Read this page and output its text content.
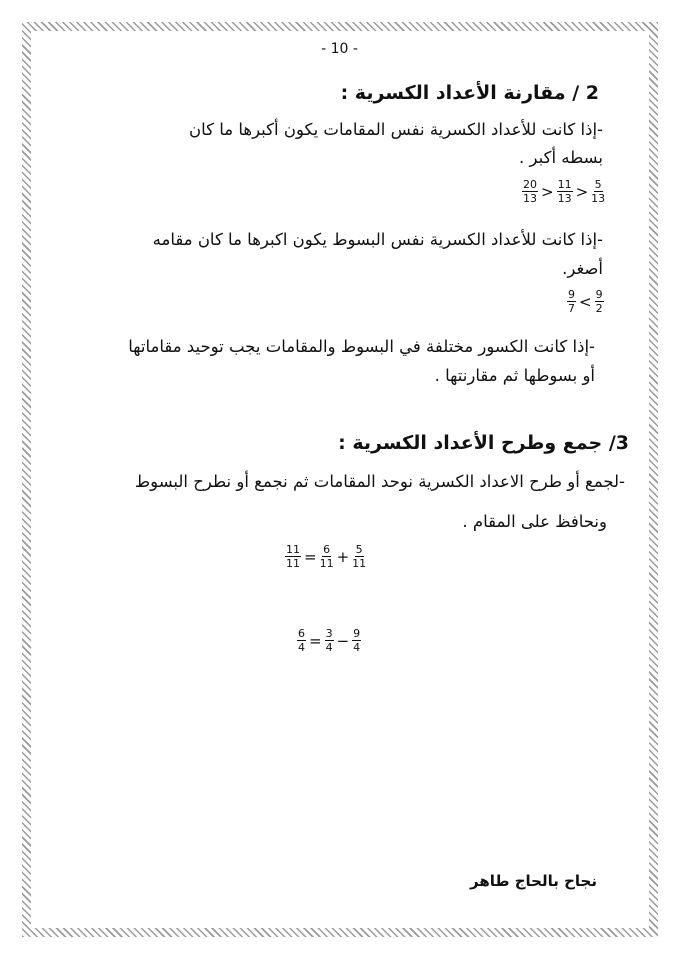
- 10 -
2 / مقارنة الأعداد الكسرية :
-إذا كانت للأعداد الكسرية نفس المقامات يكون أكبرها ما كان
بسطه أكبر .
$\frac{20}{13} > \frac{11}{13} > \frac{5}{13}$
-إذا كانت للأعداد الكسرية نفس البسوط يكون اكبرها ما كان مقامه
أصغر.
$\frac{9}{7} < \frac{9}{2}$
-إذا كانت الكسور مختلفة في البسوط والمقامات يجب توحيد مقاماتها
أو بسوطها ثم مقارنتها .
3/ جمع وطرح الأعداد الكسرية :
-لجمع أو طرح الاعداد الكسرية نوحد المقامات ثم نجمع أو نطرح البسوط
ونحافظ على المقام .
$\frac{11}{11} = \frac{6}{11} + \frac{5}{11}$
$\frac{6}{4} = \frac{3}{4} - \frac{9}{4}$
نجاح بالحاج طاهر
